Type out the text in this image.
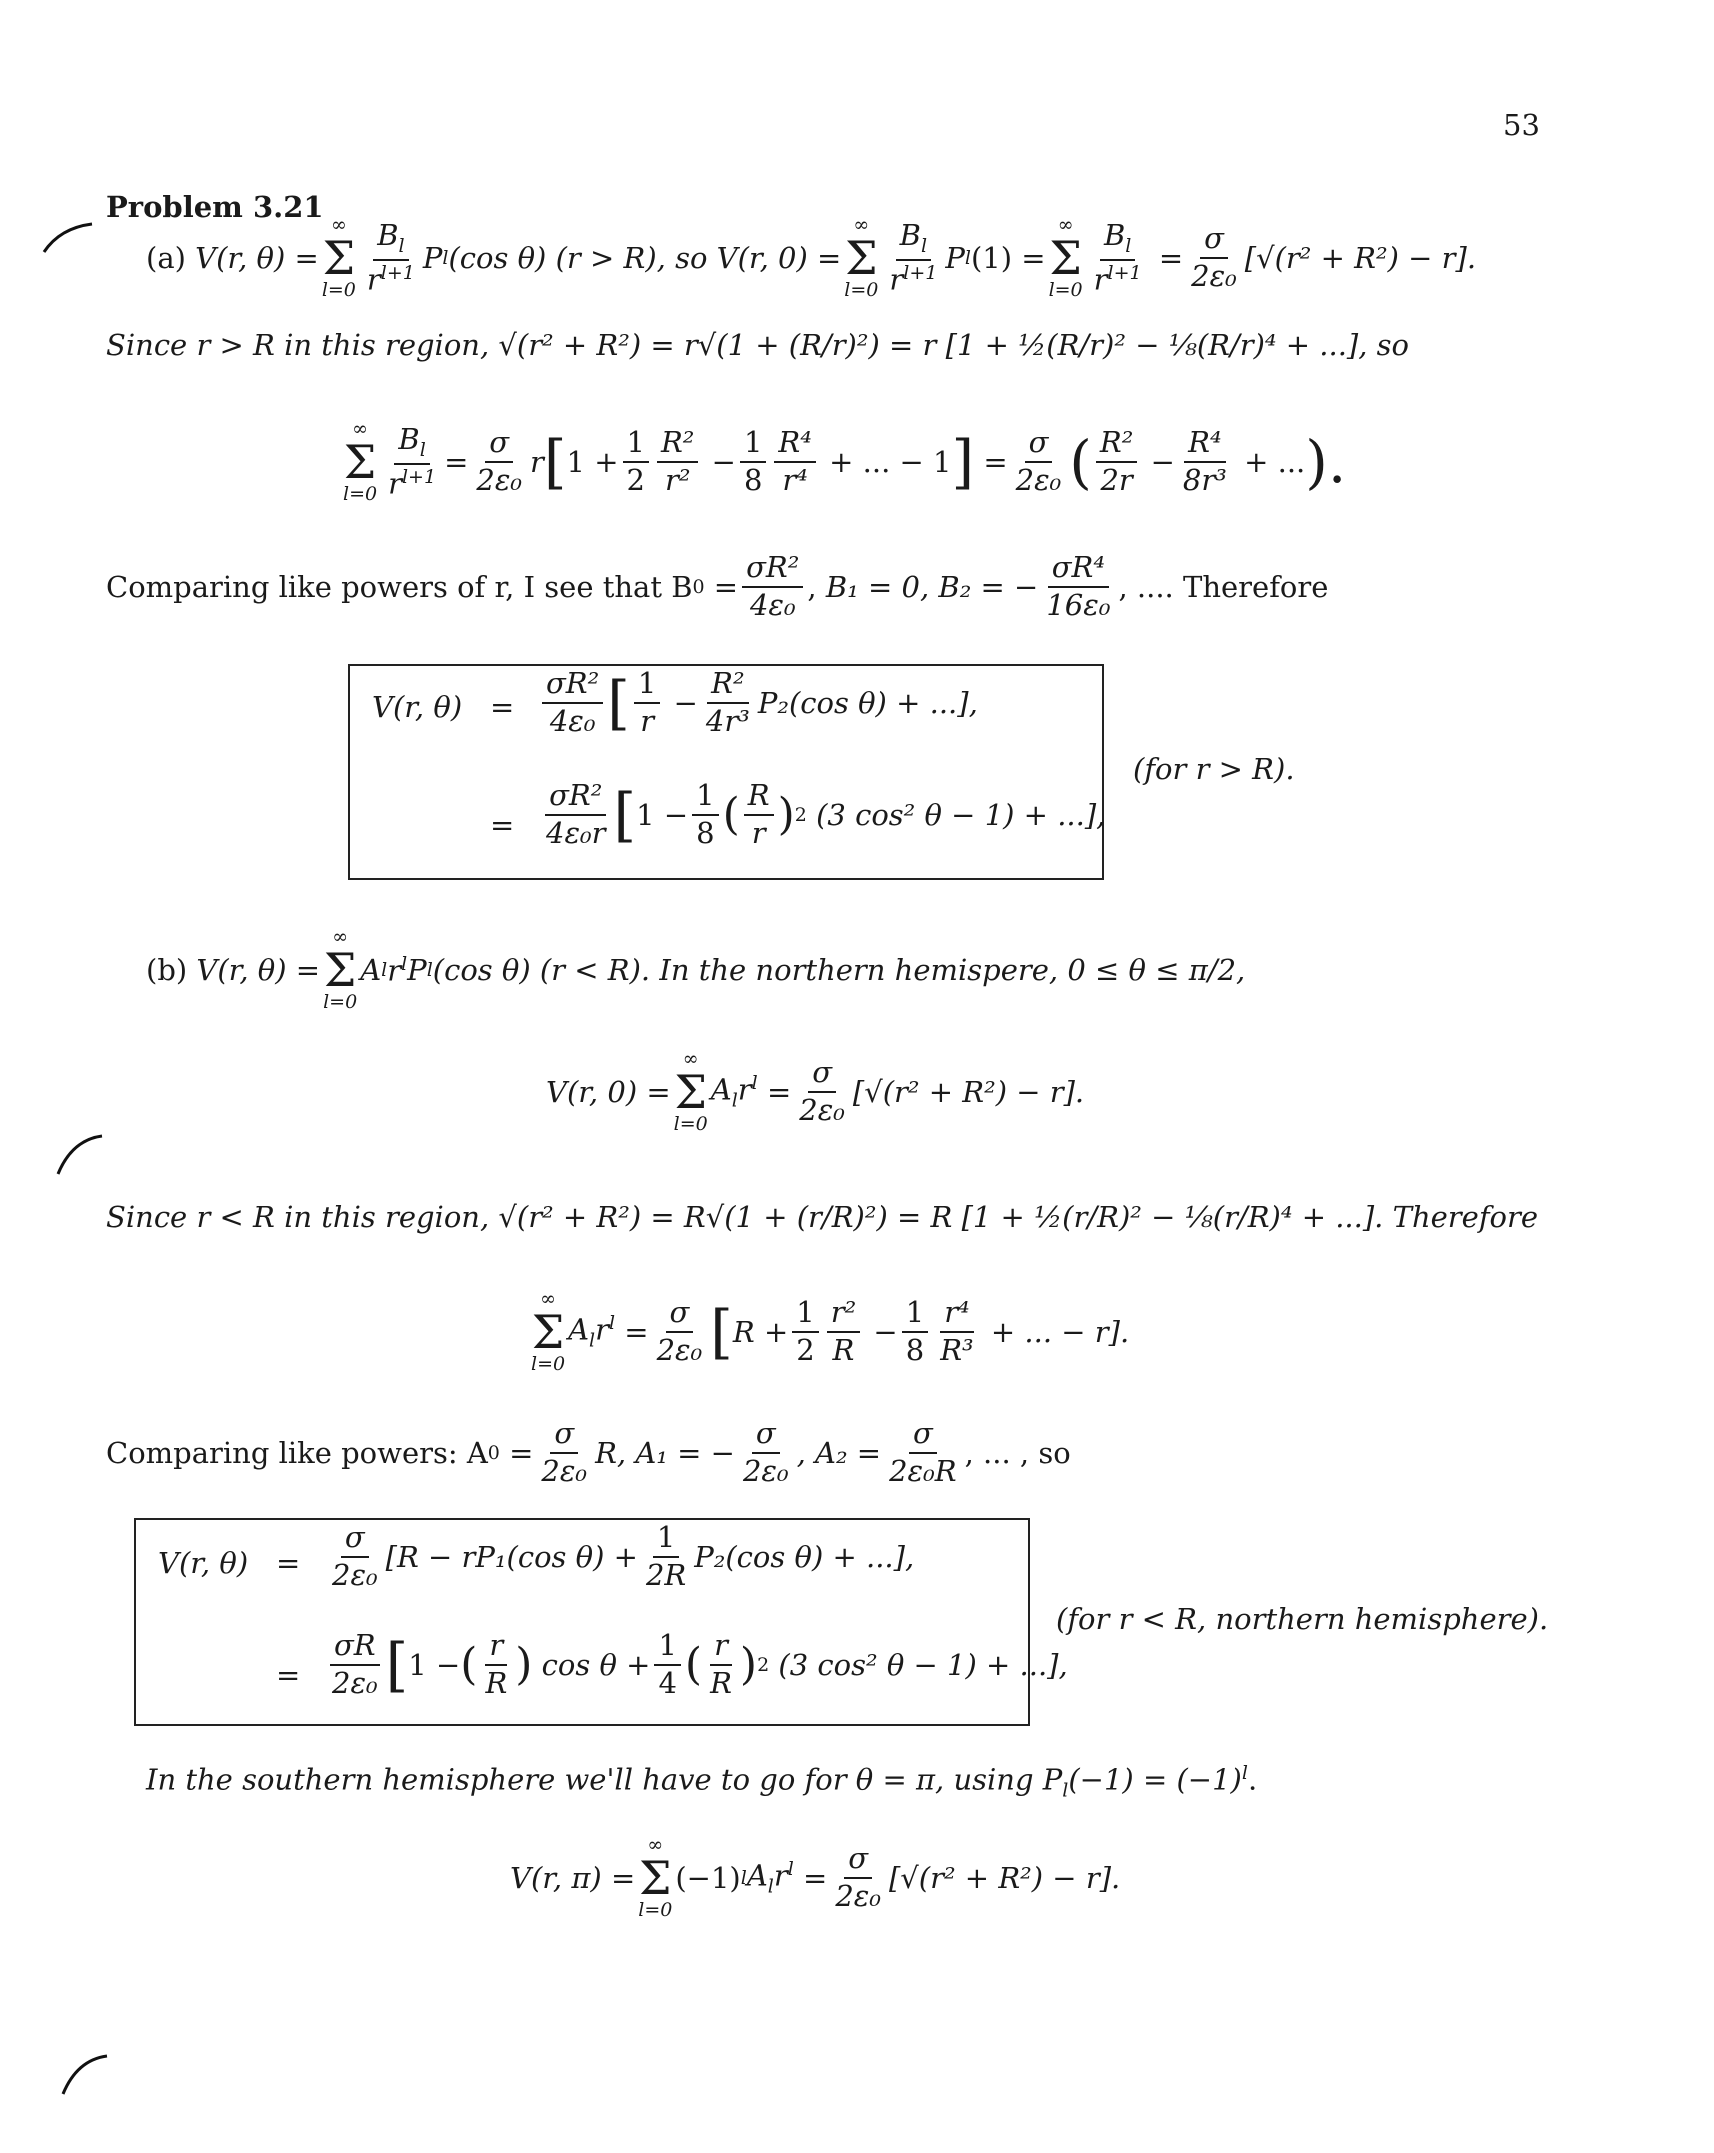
53
Problem 3.21
(a)
V(r, θ) =
∞
Σ
$l=0 \frac{B_l}{r^{l+1}}$ P l (cos θ) (r > R), so V(r, 0) =
∞
Σ
$l=0 \frac{B_l}{r^{l+1}}$ P l (1) =
∞
Σ
$l=0 \frac{B_l}{r^{l+1}}$
= $\frac{\sigma}{\text{2ε₀}} [√(r^2 + R^2) - r]$.
Since r > R in this region, √(r² + R²) = r√(1 + (R/r)²) = r [1 + ½(R/r)² − ⅛(R/r)⁴ + ...], so
∞
Σ
$l=0 \frac{B_l}{r^{l+1}} = \frac{\sigma}{\text{2ε₀}}$ r [ $1 + \frac{1}{2} \frac{\text{R²}}{\text{r²}} - \frac{1}{8} \frac{\text{R⁴}}{\text{r⁴}}$
+ ... − 1 ]
= $\frac{\sigma}{\text{2ε₀}}$ ( $\frac{\text{R²}}{2r} - \frac{\text{R⁴}}{\text{8r³}}$
+ ... ).
Comparing like powers of r, I see that B $0 = \frac{\text{σR²}}{\text{4ε₀}}$ , B₁ = 0, B₂ = − $\frac{\text{σR⁴}}{\text{16ε₀}}$ , .... Therefore
V(r, $\theta) = \frac{\text{σR²}}{\text{4ε₀}}$ [ $\frac{1}{r} - \frac{\text{R²}}{\text{4r³}} P_2(\cos$ θ) + ...],
= $\frac{\text{σR²}}{\text{4ε₀r}}$ [ $1 - \frac{1}{8}$ ( $\frac{R}{r}$ ) 2
(3 cos² θ − 1) + ...],
(for r > R).
(b)
V(r, θ) =
∞
Σ
l=0
A l $r^l$ P l (cos θ) (r < R). In the northern hemispere, 0 ≤ θ ≤ π/2,
V(r, 0) =
∞
Σ
l=0
$A_lr^l$
= $\frac{\sigma}{\text{2ε₀}} [√(r^2 + R^2) - r]$.
Since r < R in this region, √(r² + R²) = R√(1 + (r/R)²) = R [1 + ½(r/R)² − ⅛(r/R)⁴ + ...]. Therefore
∞
Σ
l=0
$A_lr^l$
= $\frac{\sigma}{\text{2ε₀}}$ [ $R + \frac{1}{2} \frac{\text{r²}}{R} - \frac{1}{8} \frac{\text{r⁴}}{\text{R³}}$
+ ... − r].
Comparing like powers: A $0 = \frac{\sigma}{\text{2ε₀}} R$, A₁ = − $\frac{\sigma}{\text{2ε₀}}$ , $A_2 = \frac{\sigma}{\text{2ε₀R}}$ , ... , so
V(r, $\theta) = \frac{\sigma}{\text{2ε₀}} [R - rP_1(\cos$ $\theta) + \frac{1}{2R} P_2(\cos$ θ) + ...],
= $\frac{\sigma R}{\text{2ε₀}}$ [ 1 − ( $\frac{r}{R}$ )
$\cos \theta + \frac{1}{4}$ ( $\frac{r}{R}$ ) 2
(3 cos² θ − 1) + ...],
(for r < R, northern hemisphere).
In the southern hemisphere we'll have to go for θ = π, using $P_l(-1) = (-1)^l$.
V(r, π) =
∞
Σ
l=0
(−1) l $A_lr^l$
= $\frac{\sigma}{\text{2ε₀}} [√(r^2 + R^2) - r]$.
